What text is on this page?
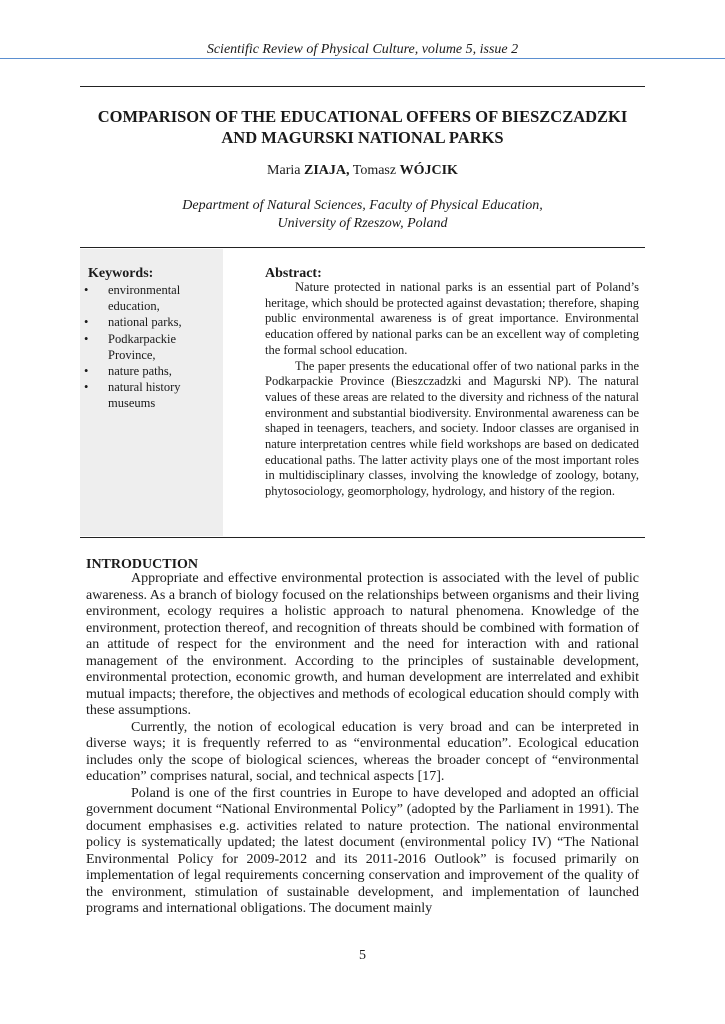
Scientific Review of Physical Culture, volume 5, issue 2
COMPARISON OF THE EDUCATIONAL OFFERS OF BIESZCZADZKI
AND MAGURSKI NATIONAL PARKS
Maria ZIAJA, Tomasz WÓJCIK
Department of Natural Sciences, Faculty of Physical Education,
University of Rzeszow, Poland
Keywords:
• environmental education,
• national parks,
• Podkarpackie Province,
• nature paths,
• natural history museums
Abstract:

Nature protected in national parks is an essential part of Poland’s heritage, which should be protected against devastation; therefore, shaping public environmental awareness is of great importance. Environmental education offered by national parks can be an excellent way of completing the formal school education.

The paper presents the educational offer of two national parks in the Podkarpackie Province (Bieszczadzki and Magurski NP). The natural values of these areas are related to the diversity and richness of the natural environment and substantial biodiversity. Environmental awareness can be shaped in teenagers, teachers, and society. Indoor classes are organised in nature interpretation centres while field workshops are based on dedicated educational paths. The latter activity plays one of the most important roles in multidisciplinary classes, involving the knowledge of zoology, botany, phytosociology, geomorphology, hydrology, and history of the region.

INTRODUCTION

Appropriate and effective environmental protection is associated with the level of public awareness. As a branch of biology focused on the relationships between organisms and their living environment, ecology requires a holistic approach to natural phenomena. Knowledge of the environment, protection thereof, and recognition of threats should be combined with formation of an attitude of respect for the environment and the need for interaction with and rational management of the environment. According to the principles of sustainable development, environmental protection, economic growth, and human development are interrelated and exhibit mutual impacts; therefore, the objectives and methods of ecological education should comply with these assumptions.

Currently, the notion of ecological education is very broad and can be interpreted in diverse ways; it is frequently referred to as “environmental education”. Ecological education includes only the scope of biological sciences, whereas the broader concept of “environmental education” comprises natural, social, and technical aspects [17].

Poland is one of the first countries in Europe to have developed and adopted an official government document “National Environmental Policy” (adopted by the Parliament in 1991). The document emphasises e.g. activities related to nature protection. The national environmental policy is systematically updated; the latest document (environmental policy IV) “The National Environmental Policy for 2009-2012 and its 2011-2016 Outlook” is focused primarily on implementation of legal requirements concerning conservation and improvement of the quality of the environment, stimulation of sustainable development, and implementation of launched programs and international obligations. The document mainly

5
